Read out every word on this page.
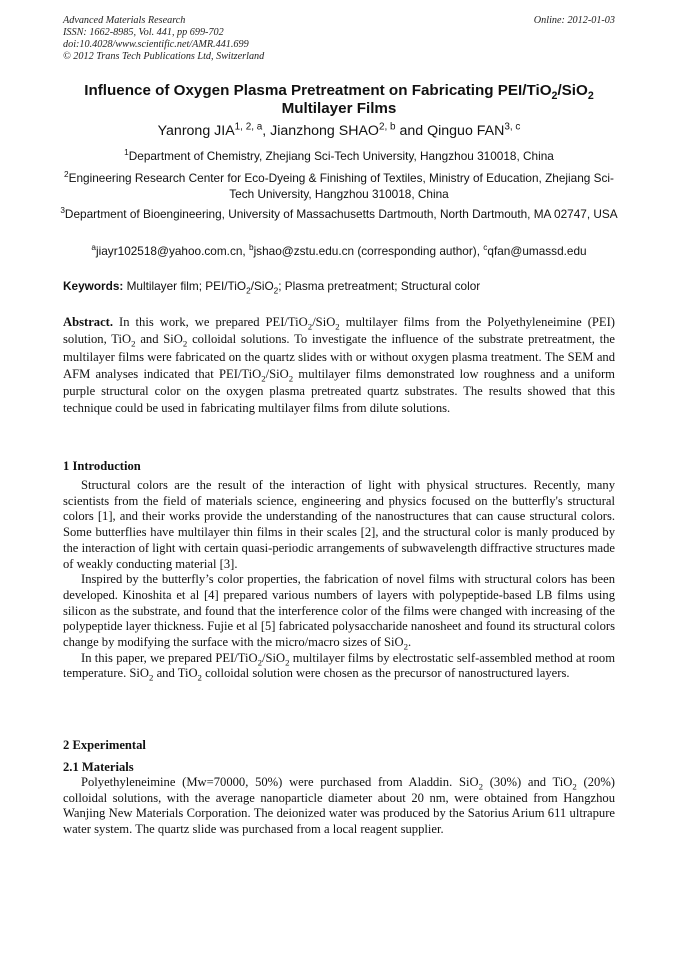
Advanced Materials Research
ISSN: 1662-8985, Vol. 441, pp 699-702
doi:10.4028/www.scientific.net/AMR.441.699
© 2012 Trans Tech Publications Ltd, Switzerland
Online: 2012-01-03
Influence of Oxygen Plasma Pretreatment on Fabricating PEI/TiO$_2$/SiO$_2$
Multilayer Films
Yanrong JIA$^{1, 2, a}$, Jianzhong SHAO$^{2, b}$ and Qinguo FAN$^{3, c}$
$^1$Department of Chemistry, Zhejiang Sci-Tech University, Hangzhou 310018, China
$^2$Engineering Research Center for Eco-Dyeing & Finishing of Textiles, Ministry of Education, Zhejiang Sci-Tech University, Hangzhou 310018, China
$^3$Department of Bioengineering, University of Massachusetts Dartmouth, North Dartmouth, MA 02747, USA
$^a$jiayr102518@yahoo.com.cn, $^b$jshao@zstu.edu.cn (corresponding author), $^c$qfan@umassd.edu
Keywords: Multilayer film; PEI/TiO$_2$/SiO$_2$; Plasma pretreatment; Structural color
Abstract. In this work, we prepared PEI/TiO$_2$/SiO$_2$ multilayer films from the Polyethyleneimine (PEI) solution, TiO$_2$ and SiO$_2$ colloidal solutions. To investigate the influence of the substrate pretreatment, the multilayer films were fabricated on the quartz slides with or without oxygen plasma treatment. The SEM and AFM analyses indicated that PEI/TiO$_2$/SiO$_2$ multilayer films demonstrated low roughness and a uniform purple structural color on the oxygen plasma pretreated quartz substrates. The results showed that this technique could be used in fabricating multilayer films from dilute solutions.
1 Introduction

Structural colors are the result of the interaction of light with physical structures. Recently, many scientists from the field of materials science, engineering and physics focused on the butterfly's structural colors [1], and their works provide the understanding of the nanostructures that can cause structural colors. Some butterflies have multilayer thin films in their scales [2], and the structural color is manly produced by the interaction of light with certain quasi-periodic arrangements of subwavelength diffractive structures made of weakly conducting material [3].

Inspired by the butterfly’s color properties, the fabrication of novel films with structural colors has been developed. Kinoshita et al [4] prepared various numbers of layers with polypeptide-based LB films using silicon as the substrate, and found that the interference color of the films were changed with increasing of the polypeptide layer thickness. Fujie et al [5] fabricated polysaccharide nanosheet and found its structural colors change by modifying the surface with the micro/macro sizes of SiO$_2$.

In this paper, we prepared PEI/TiO$_2$/SiO$_2$ multilayer films by electrostatic self-assembled method at room temperature. SiO$_2$ and TiO$_2$ colloidal solution were chosen as the precursor of nanostructured layers.

2 Experimental
2.1 Materials

Polyethyleneimine (Mw=70000, 50%) were purchased from Aladdin. SiO$_2$ (30%) and TiO$_2$ (20%) colloidal solutions, with the average nanoparticle diameter about 20 nm, were obtained from Hangzhou Wanjing New Materials Corporation. The deionized water was produced by the Satorius Arium 611 ultrapure water system. The quartz slide was purchased from a local reagent supplier.
